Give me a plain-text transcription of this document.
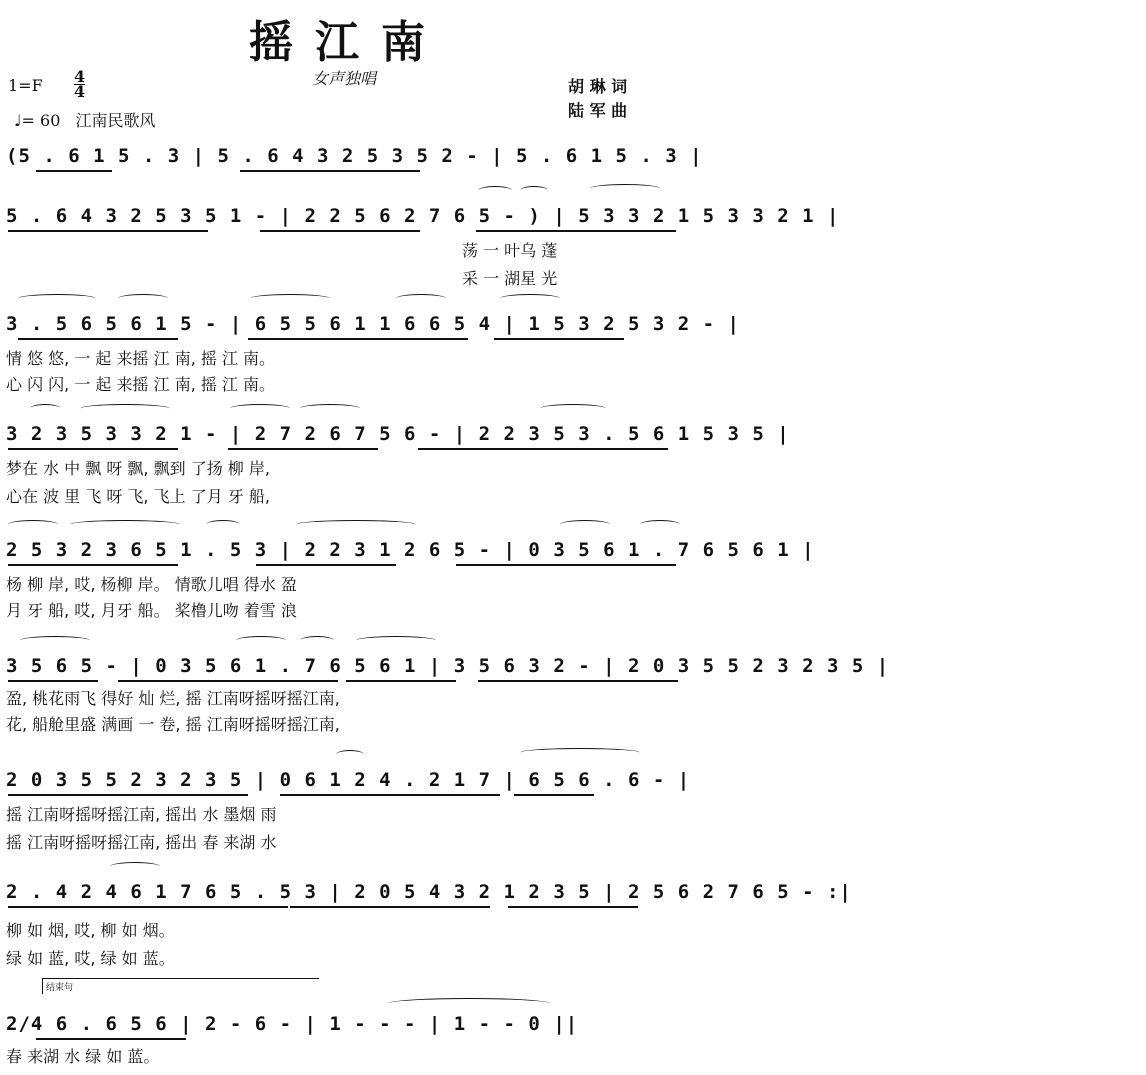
摇江南
1=F 4
4
♩= 60 江南民歌风
女声独唱	胡 琳 词
陆 军 曲
(5 . 6 1 5 . 3 | 5 . 6 4 3 2 5 3 5 2 - | 5 . 6 1 5 . 3 |
5 . 6 4 3 2 5 3 5 1 - | 2 2 5 6 2 7 6 5 - ) | 5 3 3 2 1 5 3 3 2 1 |
荡 一 叶乌 蓬
采 一 湖星 光
3 . 5 6 5 6 1 5 - | 6 5 5 6 1 1 6 6 5 4 | 1 5 3 2 5 3 2 - |
情 悠 悠, 一 起 来摇 江 南, 摇 江 南。
心 闪 闪, 一 起 来摇 江 南, 摇 江 南。
3 2 3 5 3 3 2 1 - | 2 7 2 6 7 5 6 - | 2 2 3 5 3 . 5 6 1 5 3 5 |
梦在 水 中 飘 呀 飘, 飘到 了扬 柳 岸,
心在 波 里 飞 呀 飞, 飞上 了月 牙 船,
2 5 3 2 3 6 5 1 . 5 3 | 2 2 3 1 2 6 5 - | 0 3 5 6 1 . 7 6 5 6 1 |
杨 柳 岸, 哎, 杨柳 岸。 情歌儿唱 得水 盈
月 牙 船, 哎, 月牙 船。 桨橹儿吻 着雪 浪
3 5 6 5 - | 0 3 5 6 1 . 7 6 5 6 1 | 3 5 6 3 2 - | 2 0 3 5 5 2 3 2 3 5 |
盈, 桃花雨飞 得好 灿 烂, 摇 江南呀摇呀摇江南,
花, 船舱里盛 满画 一 卷, 摇 江南呀摇呀摇江南,
2 0 3 5 5 2 3 2 3 5 | 0 6 1 2 4 . 2 1 7 | 6 5 6 . 6 - |
摇 江南呀摇呀摇江南, 摇出 水 墨烟 雨
摇 江南呀摇呀摇江南, 摇出 春 来湖 水
2 . 4 2 4 6 1 7 6 5 . 5 3 | 2 0 5 4 3 2 1 2 3 5 | 2 5 6 2 7 6 5 - :|
柳 如 烟, 哎, 柳 如 烟。
绿 如 蓝, 哎, 绿 如 蓝。
结束句
2/4 6 . 6 5 6 | 2 - 6 - | 1 - - - | 1 - - 0 ||
春 来湖 水 绿 如 蓝。
